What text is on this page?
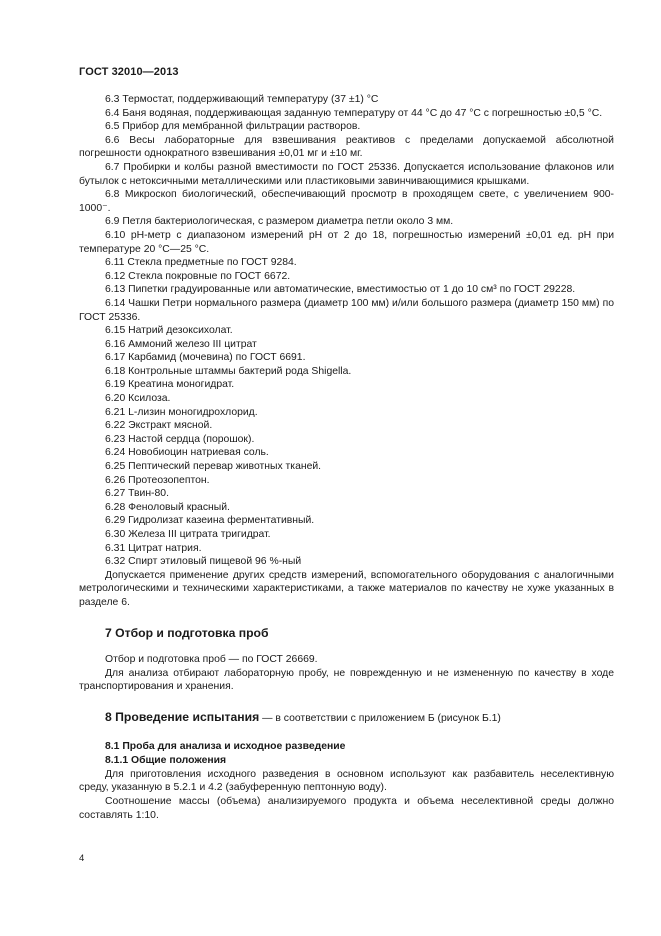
ГОСТ 32010—2013

6.3 Термостат, поддерживающий температуру (37 ±1) °С

6.4 Баня водяная, поддерживающая заданную температуру от 44 °С до 47 °С с погрешностью ±0,5 °С.

6.5 Прибор для мембранной фильтрации растворов.

6.6 Весы лабораторные для взвешивания реактивов с пределами допускаемой абсолютной погрешности однократного взвешивания ±0,01 мг и ±10 мг.

6.7 Пробирки и колбы разной вместимости по ГОСТ 25336. Допускается использование флаконов или бутылок с нетоксичными металлическими или пластиковыми завинчивающимися крышками.

6.8 Микроскоп биологический, обеспечивающий просмотр в проходящем свете, с увеличением 900-1000⁻.

6.9 Петля бактериологическая, с размером диаметра петли около 3 мм.

6.10 рН-метр с диапазоном измерений рН от 2 до 18, погрешностью измерений ±0,01 ед. рН при температуре 20 °С—25 °С.

6.11 Стекла предметные по ГОСТ 9284.

6.12 Стекла покровные по ГОСТ 6672.

6.13 Пипетки градуированные или автоматические, вместимостью от 1 до 10 см³ по ГОСТ 29228.

6.14 Чашки Петри нормального размера (диаметр 100 мм) и/или большого размера (диаметр 150 мм) по ГОСТ 25336.

6.15 Натрий дезоксихолат.

6.16 Аммоний железо III цитрат

6.17 Карбамид (мочевина) по ГОСТ 6691.

6.18 Контрольные штаммы бактерий рода Shigella.

6.19 Креатина моногидрат.

6.20 Ксилоза.

6.21 L-лизин моногидрохлорид.

6.22 Экстракт мясной.

6.23 Настой сердца (порошок).

6.24 Новобиоцин натриевая соль.

6.25 Пептический перевар животных тканей.

6.26 Протеозопептон.

6.27 Твин-80.

6.28 Феноловый красный.

6.29 Гидролизат казеина ферментативный.

6.30 Железа III цитрата тригидрат.

6.31 Цитрат натрия.

6.32 Спирт этиловый пищевой 96 %-ный

Допускается применение других средств измерений, вспомогательного оборудования с аналогичными метрологическими и техническими характеристиками, а также материалов по качеству не хуже указанных в разделе 6.

7 Отбор и подготовка проб

Отбор и подготовка проб — по ГОСТ 26669.

Для анализа отбирают лабораторную пробу, не поврежденную и не измененную по качеству в ходе транспортирования и хранения.

8 Проведение испытания — в соответствии с приложением Б (рисунок Б.1)
8.1 Проба для анализа и исходное разведение
8.1.1 Общие положения

Для приготовления исходного разведения в основном используют как разбавитель неселективную среду, указанную в 5.2.1 и 4.2 (забуференную пептонную воду).

Соотношение массы (объема) анализируемого продукта и объема неселективной среды должно составлять 1:10.

4
